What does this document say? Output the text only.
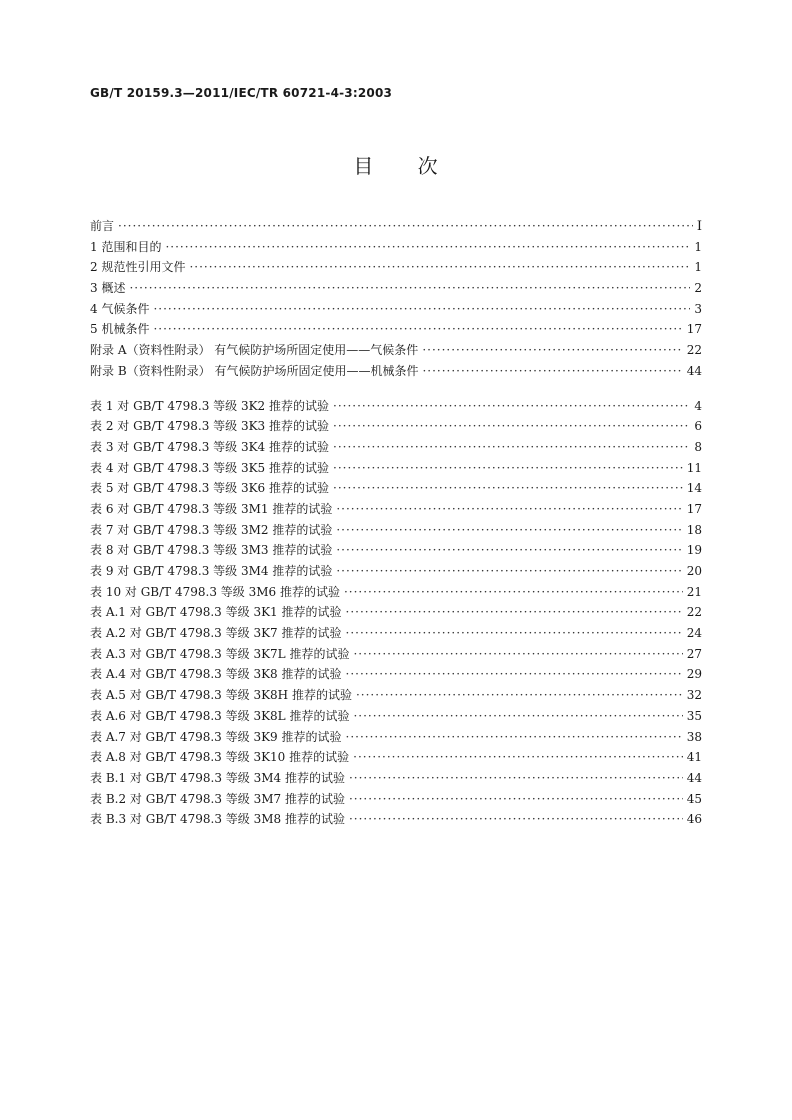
GB/T 20159.3—2011/IEC/TR 60721-4-3:2003
目 次
前言 ·····	Ⅰ
1 范围和目的 ·····	1
2 规范性引用文件 ·····	1
3 概述 ·····	2
4 气候条件 ·····	3
5 机械条件 ·····	17
附录 A（资料性附录） 有气候防护场所固定使用——气候条件 ·····	22
附录 B（资料性附录） 有气候防护场所固定使用——机械条件 ·····	44
表 1 对 GB/T 4798.3 等级 3K2 推荐的试验 ·····	4
表 2 对 GB/T 4798.3 等级 3K3 推荐的试验 ·····	6
表 3 对 GB/T 4798.3 等级 3K4 推荐的试验 ·····	8
表 4 对 GB/T 4798.3 等级 3K5 推荐的试验 ·····	11
表 5 对 GB/T 4798.3 等级 3K6 推荐的试验 ·····	14
表 6 对 GB/T 4798.3 等级 3M1 推荐的试验 ·····	17
表 7 对 GB/T 4798.3 等级 3M2 推荐的试验 ·····	18
表 8 对 GB/T 4798.3 等级 3M3 推荐的试验 ·····	19
表 9 对 GB/T 4798.3 等级 3M4 推荐的试验 ·····	20
表 10 对 GB/T 4798.3 等级 3M6 推荐的试验 ·····	21
表 A.1 对 GB/T 4798.3 等级 3K1 推荐的试验 ·····	22
表 A.2 对 GB/T 4798.3 等级 3K7 推荐的试验 ·····	24
表 A.3 对 GB/T 4798.3 等级 3K7L 推荐的试验 ·····	27
表 A.4 对 GB/T 4798.3 等级 3K8 推荐的试验 ·····	29
表 A.5 对 GB/T 4798.3 等级 3K8H 推荐的试验 ·····	32
表 A.6 对 GB/T 4798.3 等级 3K8L 推荐的试验 ·····	35
表 A.7 对 GB/T 4798.3 等级 3K9 推荐的试验 ·····	38
表 A.8 对 GB/T 4798.3 等级 3K10 推荐的试验 ·····	41
表 B.1 对 GB/T 4798.3 等级 3M4 推荐的试验 ·····	44
表 B.2 对 GB/T 4798.3 等级 3M7 推荐的试验 ·····	45
表 B.3 对 GB/T 4798.3 等级 3M8 推荐的试验 ·····	46
